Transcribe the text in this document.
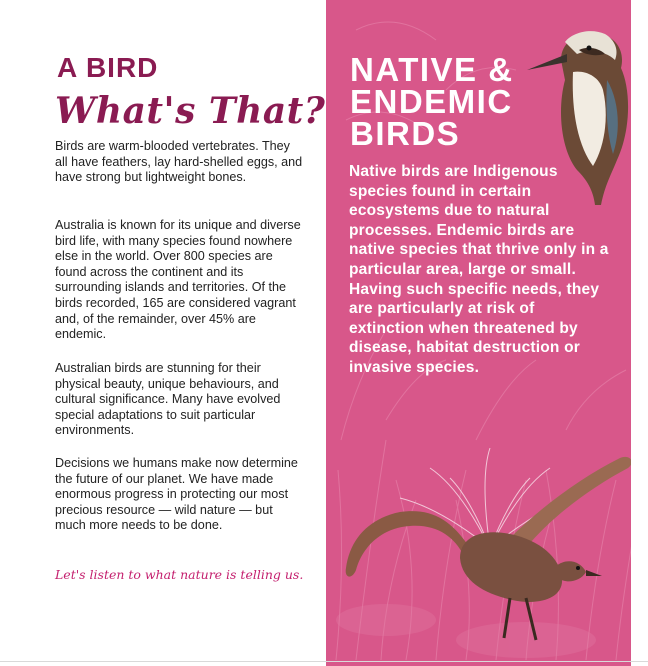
A BIRD
What's That?

Birds are warm-blooded vertebrates. They all have feathers, lay hard-shelled eggs, and have strong but lightweight bones.

Australia is known for its unique and diverse bird life, with many species found nowhere else in the world. Over 800 species are found across the continent and its surrounding islands and territories. Of the birds recorded, 165 are considered vagrant and, of the remainder, over 45% are endemic.

Australian birds are stunning for their physical beauty, unique behaviours, and cultural significance. Many have evolved special adaptations to suit particular environments.

Decisions we humans make now determine the future of our planet. We have made enormous progress in protecting our most precious resource — wild nature — but much more needs to be done.

Let's listen to what nature is telling us.
NATIVE & ENDEMIC BIRDS
Native birds are Indigenous species found in certain ecosystems due to natural processes. Endemic birds are native species that thrive only in a particular area, large or small. Having such specific needs, they are particularly at risk of extinction when threatened by disease, habitat destruction or invasive species.
